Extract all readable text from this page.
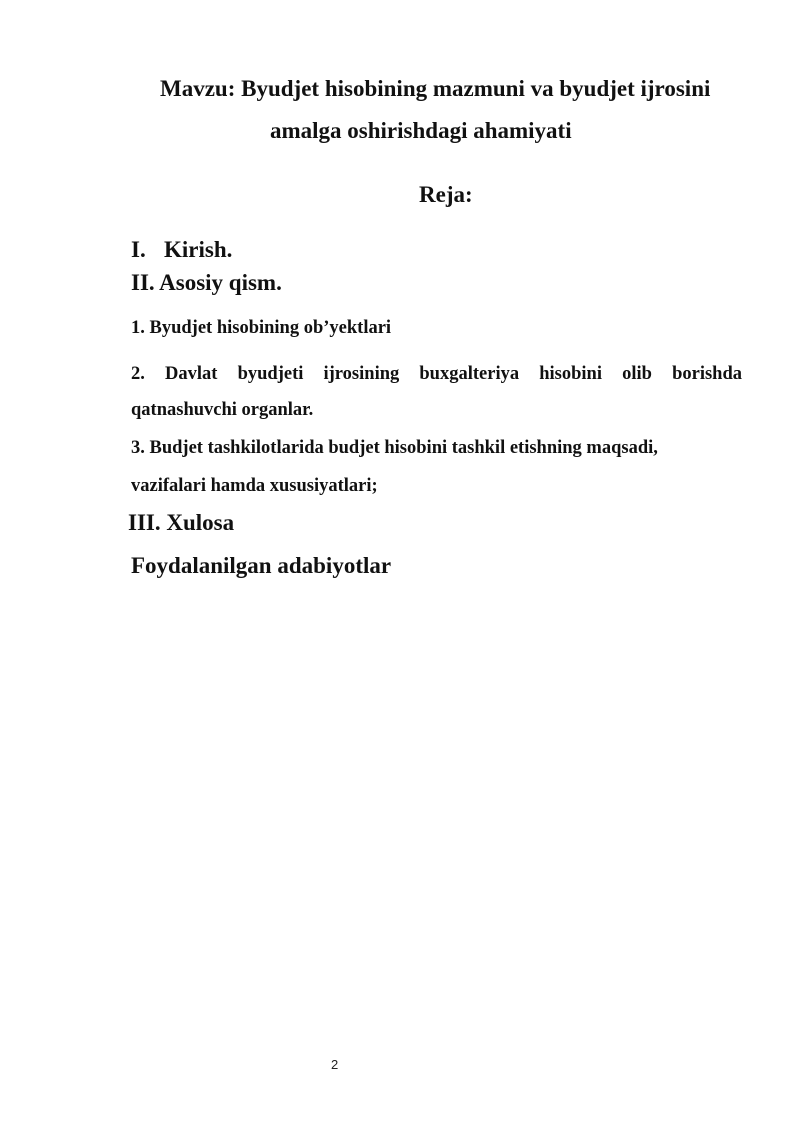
Mavzu: Byudjet hisobining mazmuni va byudjet ijrosini
amalga oshirishdagi ahamiyati
Reja:
I. Kirish.
II. Asosiy qism.
1. Byudjet hisobining ob’yektlari
2. Davlat byudjeti ijrosining buxgalteriya hisobini olib borishda
qatnashuvchi organlar.
3. Budjet tashkilotlarida budjet hisobini tashkil etishning maqsadi,
vazifalari hamda xususiyatlari;
III. Xulosa
Foydalanilgan adabiyotlar
2
